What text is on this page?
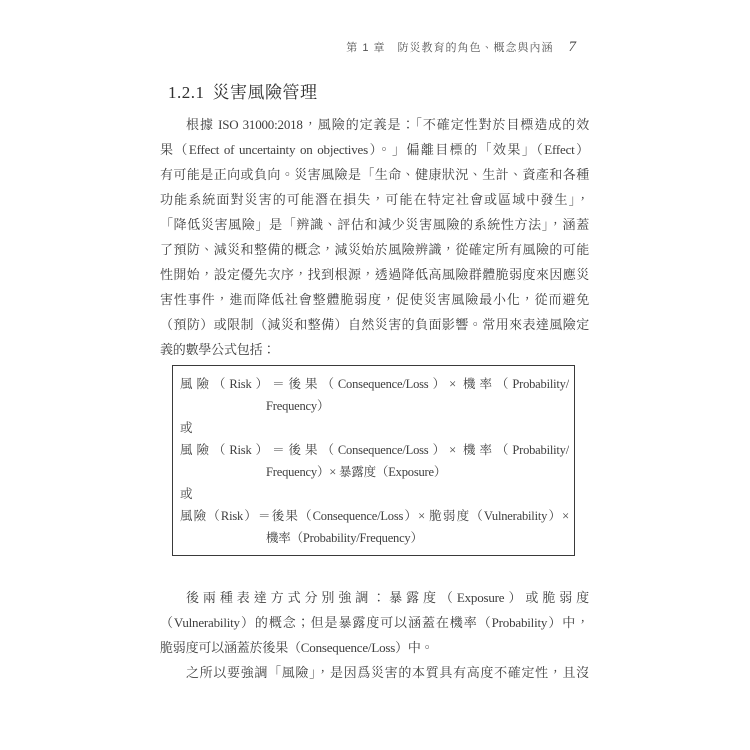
第 1 章 防災教育的角色、概念與內涵 7
1.2.1 災害風險管理
根據 ISO 31000:2018，風險的定義是：「不確定性對於目標造成的效
果（Effect of uncertainty on objectives）。」偏離目標的「效果」（Effect）
有可能是正向或負向。災害風險是「生命、健康狀況、生計、資產和各種
功能系統面對災害的可能潛在損失，可能在特定社會或區域中發生」，
「降低災害風險」是「辨識、評估和減少災害風險的系統性方法」，涵蓋
了預防、減災和整備的概念，減災始於風險辨識，從確定所有風險的可能
性開始，設定優先次序，找到根源，透過降低高風險群體脆弱度來因應災
害性事件，進而降低社會整體脆弱度，促使災害風險最小化，從而避免
（預防）或限制（減災和整備）自然災害的負面影響。常用來表達風險定
義的數學公式包括：
風險（Risk）＝後果（Consequence/Loss）× 機率（Probability/
Frequency）
或
風險（Risk）＝後果（Consequence/Loss）× 機率（Probability/
Frequency）× 暴露度（Exposure）
或
風險（Risk）＝後果（Consequence/Loss）× 脆弱度（Vulnerability）×
機率（Probability/Frequency）
後兩種表達方式分別強調：暴露度（Exposure）或脆弱度
（Vulnerability）的概念；但是暴露度可以涵蓋在機率（Probability）中，
脆弱度可以涵蓋於後果（Consequence/Loss）中。
之所以要強調「風險」，是因爲災害的本質具有高度不確定性，且沒
